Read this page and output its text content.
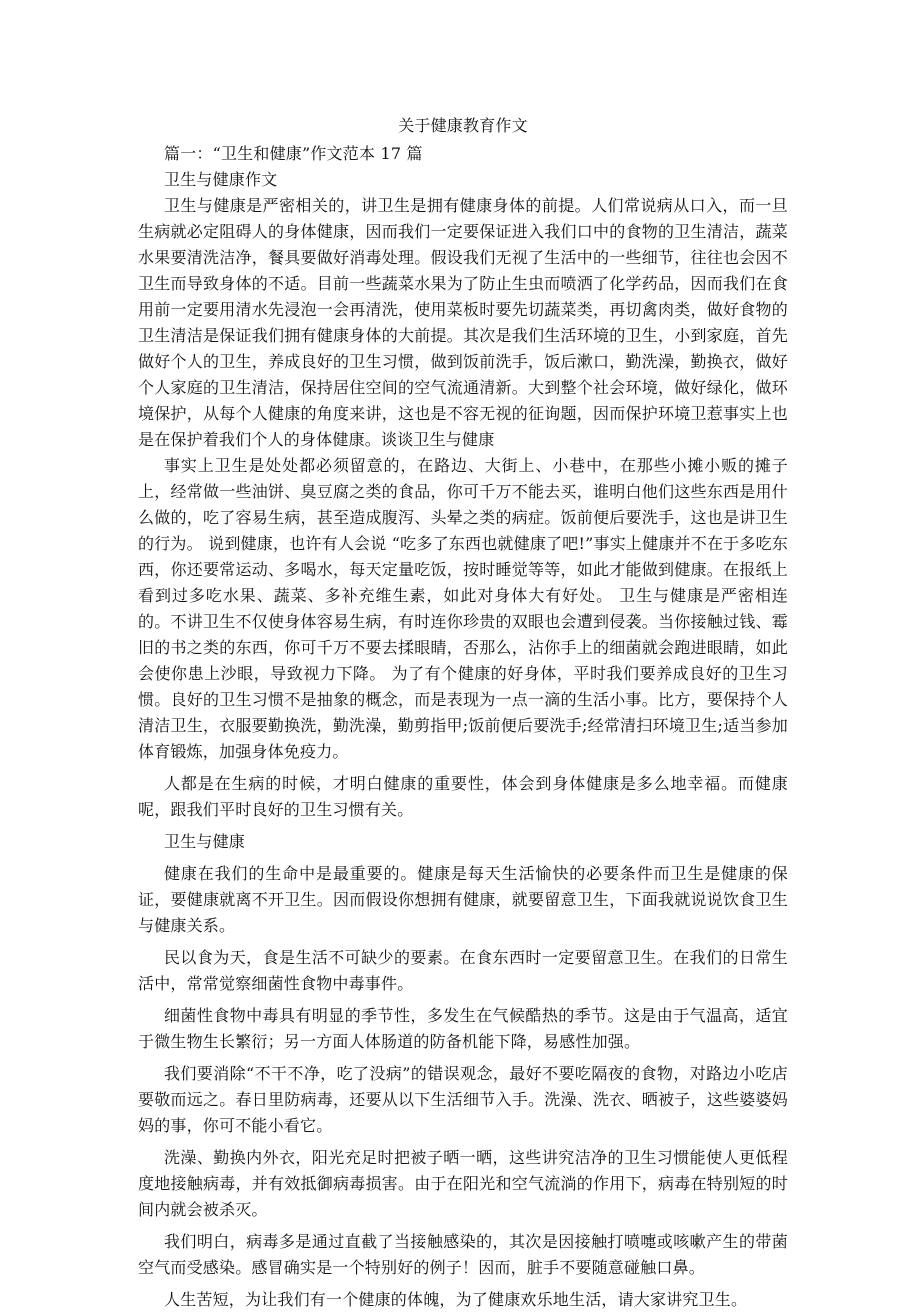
关于健康教育作文

篇一：“卫生和健康”作文范本 17 篇

卫生与健康作文

卫生与健康是严密相关的，讲卫生是拥有健康身体的前提。人们常说病从口入，而一旦生病就必定阻碍人的身体健康，因而我们一定要保证进入我们口中的食物的卫生清洁，蔬菜水果要清洗洁净，餐具要做好消毒处理。假设我们无视了生活中的一些细节，往往也会因不卫生而导致身体的不适。目前一些蔬菜水果为了防止生虫而喷洒了化学药品，因而我们在食用前一定要用清水先浸泡一会再清洗，使用菜板时要先切蔬菜类，再切禽肉类，做好食物的卫生清洁是保证我们拥有健康身体的大前提。其次是我们生活环境的卫生，小到家庭，首先做好个人的卫生，养成良好的卫生习惯，做到饭前洗手，饭后漱口，勤洗澡，勤换衣，做好个人家庭的卫生清洁，保持居住空间的空气流通清新。大到整个社会环境，做好绿化，做环境保护，从每个人健康的角度来讲，这也是不容无视的征询题，因而保护环境卫惹事实上也是在保护着我们个人的身体健康。谈谈卫生与健康

事实上卫生是处处都必须留意的，在路边、大街上、小巷中，在那些小摊小贩的摊子上，经常做一些油饼、臭豆腐之类的食品，你可千万不能去买，谁明白他们这些东西是用什么做的，吃了容易生病，甚至造成腹泻、头晕之类的病症。饭前便后要洗手，这也是讲卫生的行为。 说到健康，也许有人会说 “吃多了东西也就健康了吧!”事实上健康并不在于多吃东西，你还要常运动、多喝水，每天定量吃饭，按时睡觉等等，如此才能做到健康。在报纸上看到过多吃水果、蔬菜、多补充维生素，如此对身体大有好处。 卫生与健康是严密相连的。不讲卫生不仅使身体容易生病，有时连你珍贵的双眼也会遭到侵袭。当你接触过钱、霉旧的书之类的东西，你可千万不要去揉眼睛，否那么，沾你手上的细菌就会跑进眼睛，如此会使你患上沙眼，导致视力下降。 为了有个健康的好身体，平时我们要养成良好的卫生习惯。良好的卫生习惯不是抽象的概念，而是表现为一点一滴的生活小事。比方，要保持个人清洁卫生，衣服要勤换洗，勤洗澡，勤剪指甲;饭前便后要洗手;经常清扫环境卫生;适当参加体育锻炼，加强身体免疫力。

人都是在生病的时候，才明白健康的重要性，体会到身体健康是多么地幸福。而健康呢，跟我们平时良好的卫生习惯有关。

卫生与健康

健康在我们的生命中是最重要的。健康是每天生活愉快的必要条件而卫生是健康的保证，要健康就离不开卫生。因而假设你想拥有健康，就要留意卫生，下面我就说说饮食卫生与健康关系。

民以食为天，食是生活不可缺少的要素。在食东西时一定要留意卫生。在我们的日常生活中，常常觉察细菌性食物中毒事件。

细菌性食物中毒具有明显的季节性，多发生在气候酷热的季节。这是由于气温高，适宜于微生物生长繁衍；另一方面人体肠道的防备机能下降，易感性加强。

我们要消除“不干不净，吃了没病”的错误观念，最好不要吃隔夜的食物，对路边小吃店要敬而远之。春日里防病毒，还要从以下生活细节入手。洗澡、洗衣、晒被子，这些婆婆妈妈的事，你可不能小看它。

洗澡、勤换内外衣，阳光充足时把被子晒一晒，这些讲究洁净的卫生习惯能使人更低程度地接触病毒，并有效抵御病毒损害。由于在阳光和空气流淌的作用下，病毒在特别短的时间内就会被杀灭。

我们明白，病毒多是通过直截了当接触感染的，其次是因接触打喷嚏或咳嗽产生的带菌空气而受感染。感冒确实是一个特别好的例子！因而，脏手不要随意碰触口鼻。

人生苦短，为让我们有一个健康的体魄，为了健康欢乐地生活，请大家讲究卫生。
